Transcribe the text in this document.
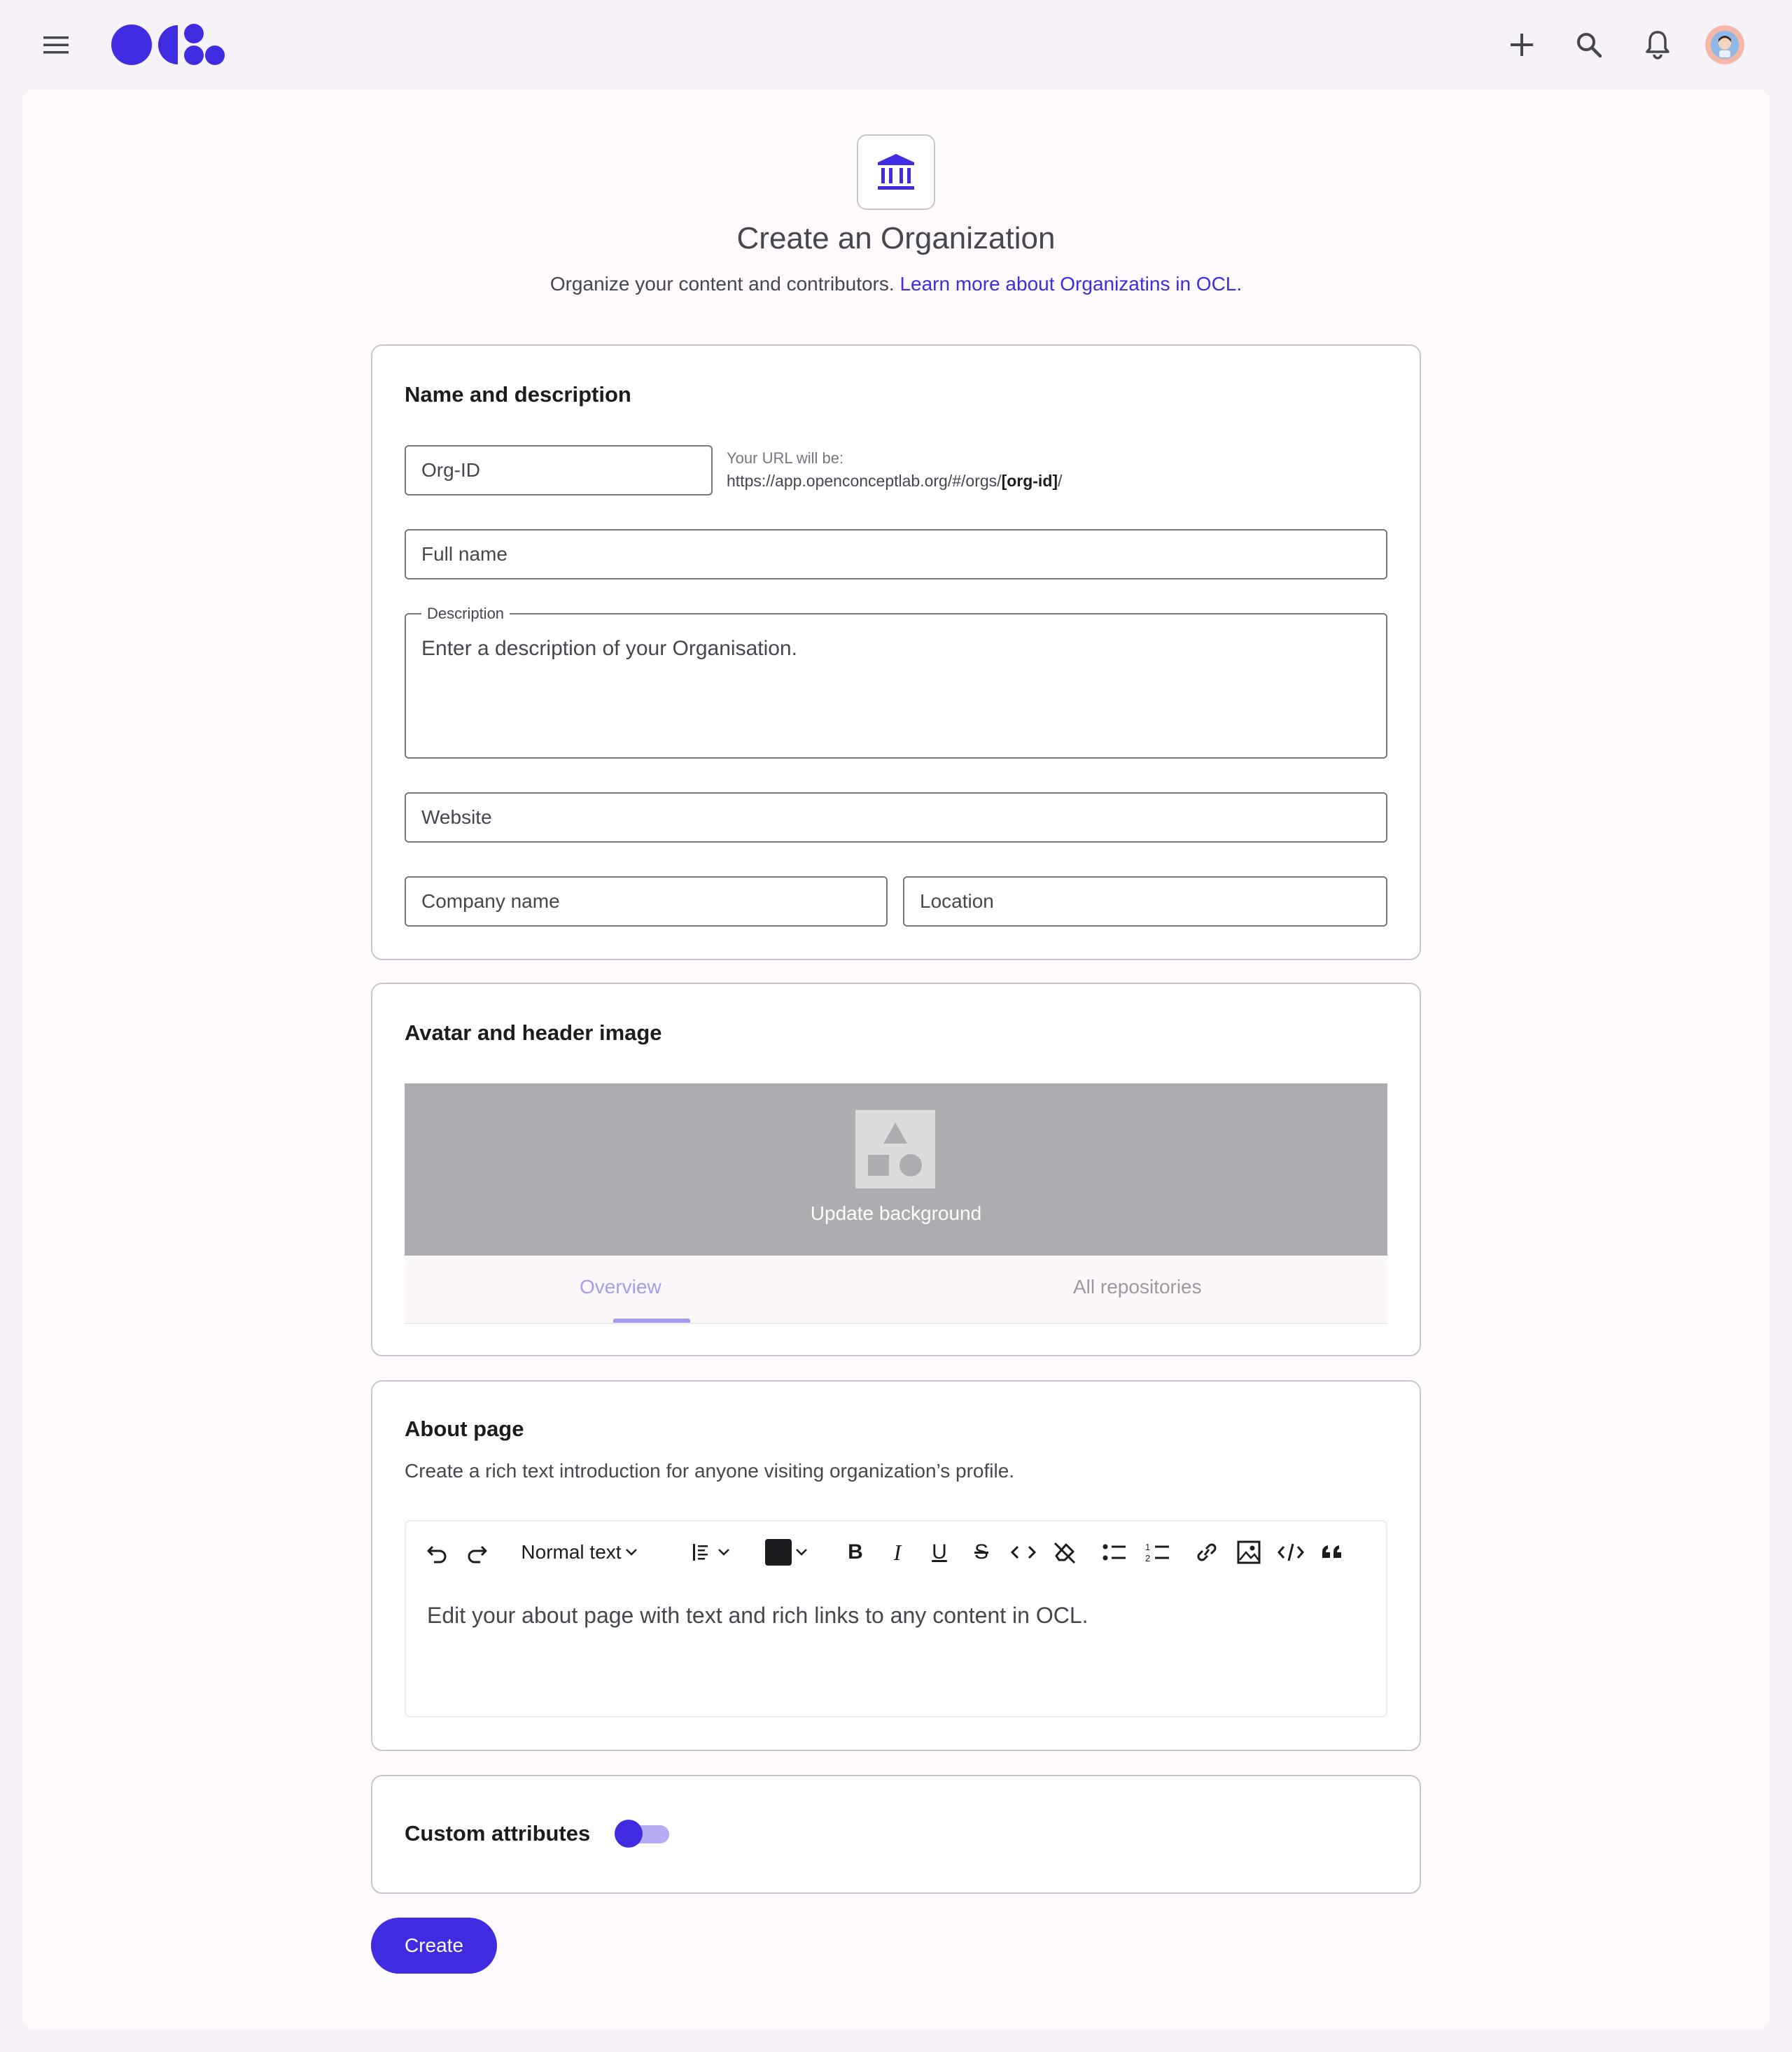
Create an Organization
Organize your content and contributors. Learn more about Organizatins in OCL.
Name and description
Org-ID
Your URL will be:
https://app.openconceptlab.org/#/orgs/[org-id]/
Full name
Enter a description of your Organisation.
Description
Website
Company name
Location
Avatar and header image
Update background
Overview	All repositories
About page
Create a rich text introduction for anyone visiting organization’s profile.
Normal text	B I U S	1
2
Edit your about page with text and rich links to any content in OCL.
Custom attributes
Create
